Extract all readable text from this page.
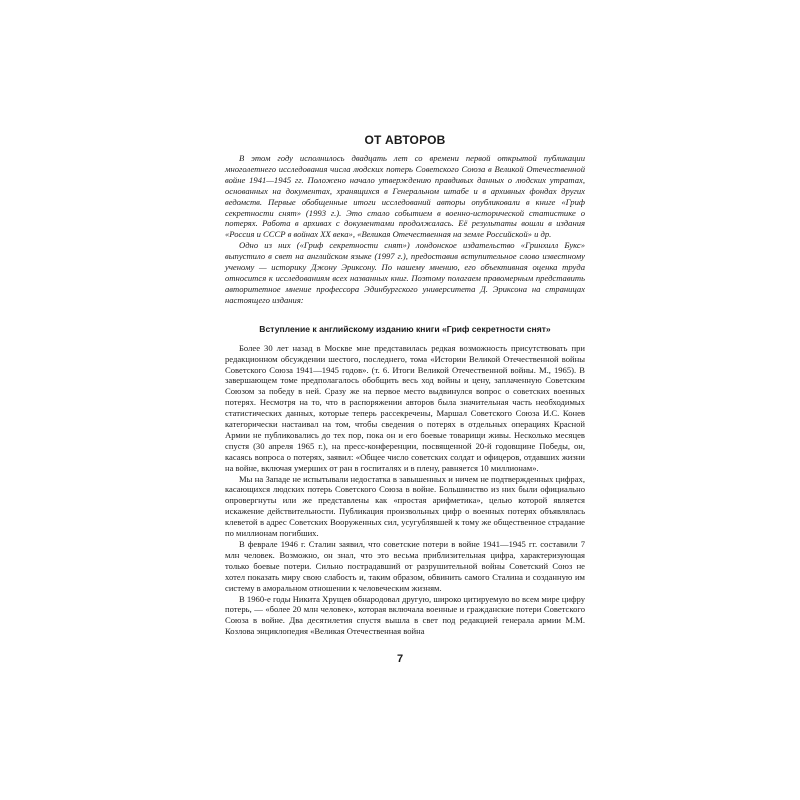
ОТ АВТОРОВ

В этом году исполнилось двадцать лет со времени первой открытой публикации многолетнего исследования числа людских потерь Советского Союза в Великой Отечественной войне 1941—1945 гг. Положено начало утверждению правдивых данных о людских утратах, основанных на документах, хранящихся в Генеральном штабе и в архивных фондах других ведомств. Первые обобщенные итоги исследований авторы опубликовали в книге «Гриф секретности снят» (1993 г.). Это стало событием в военно-исторической статистике о потерях. Работа в архивах с документами продолжалась. Её результаты вошли в издания «Россия и СССР в войнах XX века», «Великая Отечественная на земле Российской» и др.

Одно из них («Гриф секретности снят») лондонское издательство «Гринхилл Букс» выпустило в свет на английском языке (1997 г.), предоставив вступительное слово известному ученому — историку Джону Эриксону. По нашему мнению, его объективная оценка труда относится к исследованиям всех названных книг. Поэтому полагаем правомерным представить авторитетное мнение профессора Эдинбургского университета Д. Эриксона на страницах настоящего издания:

Вступление к английскому изданию книги «Гриф секретности снят»

Более 30 лет назад в Москве мне представилась редкая возможность присутствовать при редакционном обсуждении шестого, последнего, тома «Истории Великой Отечественной войны Советского Союза 1941—1945 годов». (т. 6. Итоги Великой Отечественной войны. М., 1965). В завершающем томе предполагалось обобщить весь ход войны и цену, заплаченную Советским Союзом за победу в ней. Сразу же на первое место выдвинулся вопрос о советских военных потерях. Несмотря на то, что в распоряжении авторов была значительная часть необходимых статистических данных, которые теперь рассекречены, Маршал Советского Союза И.С. Конев категорически настаивал на том, чтобы сведения о потерях в отдельных операциях Красной Армии не публиковались до тех пор, пока он и его боевые товарищи живы. Несколько месяцев спустя (30 апреля 1965 г.), на пресс-конференции, посвященной 20-й годовщине Победы, он, касаясь вопроса о потерях, заявил: «Общее число советских солдат и офицеров, отдавших жизни на войне, включая умерших от ран в госпиталях и в плену, равняется 10 миллионам».

Мы на Западе не испытывали недостатка в завышенных и ничем не подтвержденных цифрах, касающихся людских потерь Советского Союза в войне. Большинство из них были официально опровергнуты или же представлены как «простая арифметика», целью которой является искажение действительности. Публикация произвольных цифр о военных потерях объявлялась клеветой в адрес Советских Вооруженных сил, усугублявшей к тому же общественное страдание по миллионам погибших.

В феврале 1946 г. Сталин заявил, что советские потери в войне 1941—1945 гг. составили 7 млн человек. Возможно, он знал, что это весьма приблизительная цифра, характеризующая только боевые потери. Сильно пострадавший от разрушительной войны Советский Союз не хотел показать миру свою слабость и, таким образом, обвинить самого Сталина и созданную им систему в аморальном отношении к человеческим жизням.

В 1960-е годы Никита Хрущев обнародовал другую, широко цитируемую во всем мире цифру потерь, — «более 20 млн человек», которая включала военные и гражданские потери Советского Союза в войне. Два десятилетия спустя вышла в свет под редакцией генерала армии М.М. Козлова энциклопедия «Великая Отечественная война

7
